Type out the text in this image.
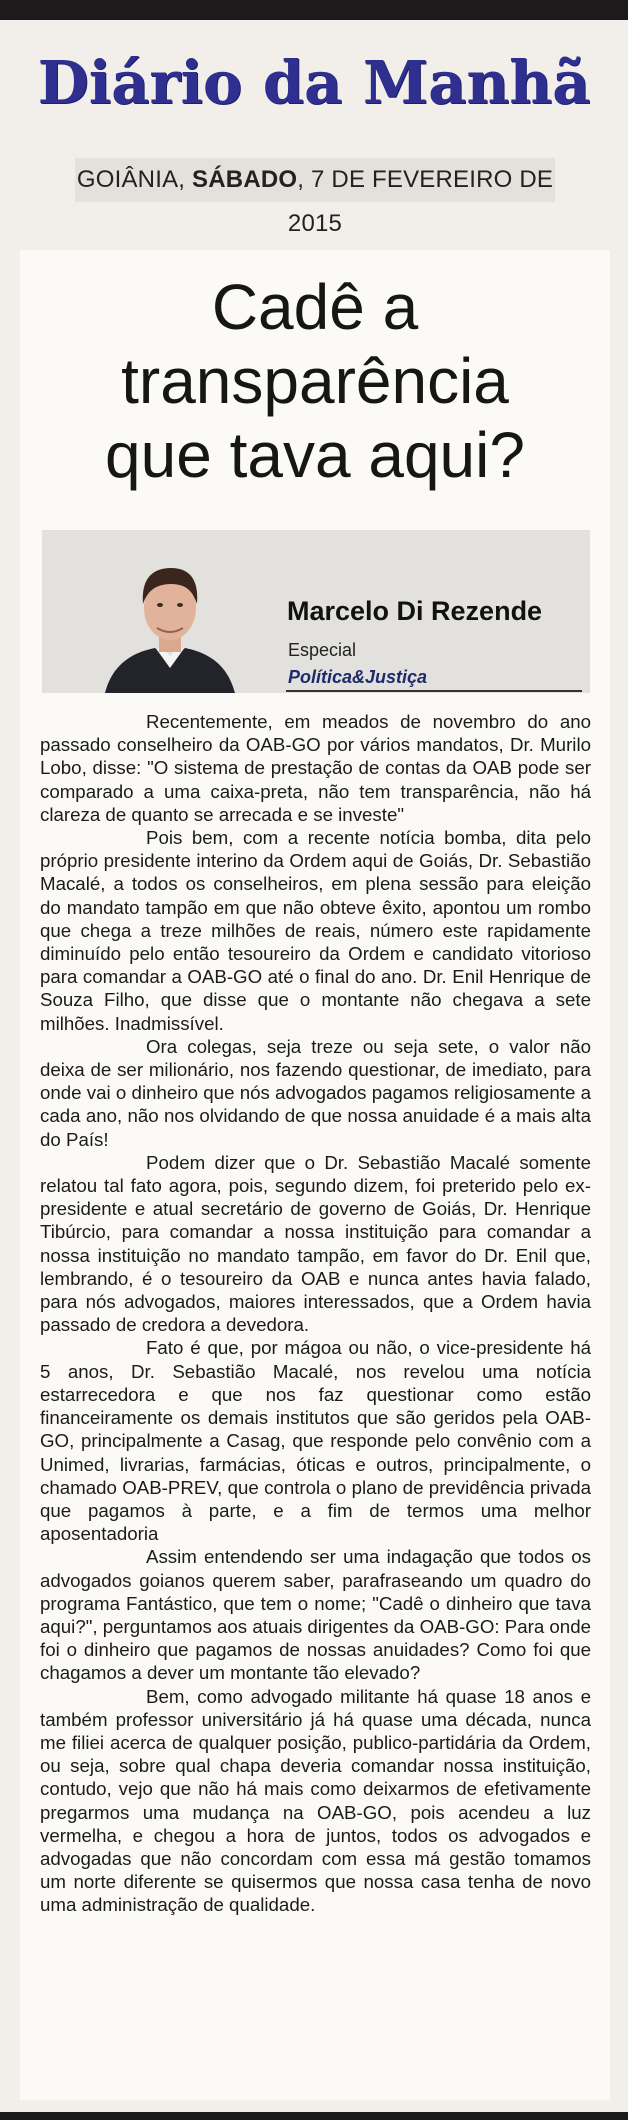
Diário da Manhã
GOIÂNIA, SÁBADO, 7 DE FEVEREIRO DE 2015
Cadê a
transparência
que tava aqui?
Marcelo Di Rezende
Especial
Política&Justiça

Recentemente, em meados de novembro do ano passado conselheiro da OAB-GO por vários mandatos, Dr. Murilo Lobo, disse: "O sistema de prestação de contas da OAB pode ser comparado a uma caixa-preta, não tem transparência, não há clareza de quanto se arrecada e se investe"

Pois bem, com a recente notícia bomba, dita pelo próprio presidente interino da Ordem aqui de Goiás, Dr. Sebastião Macalé, a todos os conselheiros, em plena sessão para eleição do mandato tampão em que não obteve êxito, apontou um rombo que chega a treze milhões de reais, número este rapidamente diminuído pelo então tesoureiro da Ordem e candidato vitorioso para comandar a OAB-GO até o final do ano. Dr. Enil Henrique de Souza Filho, que disse que o montante não chegava a sete milhões. Inadmissível.

Ora colegas, seja treze ou seja sete, o valor não deixa de ser milionário, nos fazendo questionar, de imediato, para onde vai o dinheiro que nós advogados pagamos religiosamente a cada ano, não nos olvidando de que nossa anuidade é a mais alta do País!

Podem dizer que o Dr. Sebastião Macalé somente relatou tal fato agora, pois, segundo dizem, foi preterido pelo ex-presidente e atual secretário de governo de Goiás, Dr. Henrique Tibúrcio, para comandar a nossa instituição para comandar a nossa instituição no mandato tampão, em favor do Dr. Enil que, lembrando, é o tesoureiro da OAB e nunca antes havia falado, para nós advogados, maiores interessados, que a Ordem havia passado de credora a devedora.

Fato é que, por mágoa ou não, o vice-presidente há 5 anos, Dr. Sebastião Macalé, nos revelou uma notícia estarrecedora e que nos faz questionar como estão financeiramente os demais institutos que são geridos pela OAB-GO, principalmente a Casag, que responde pelo convênio com a Unimed, livrarias, farmácias, óticas e outros, principalmente, o chamado OAB-PREV, que controla o plano de previdência privada que pagamos à parte, e a fim de termos uma melhor aposentadoria

Assim entendendo ser uma indagação que todos os advogados goianos querem saber, parafraseando um quadro do programa Fantástico, que tem o nome; "Cadê o dinheiro que tava aqui?", perguntamos aos atuais dirigentes da OAB-GO: Para onde foi o dinheiro que pagamos de nossas anuidades? Como foi que chagamos a dever um montante tão elevado?

Bem, como advogado militante há quase 18 anos e também professor universitário já há quase uma década, nunca me filiei acerca de qualquer posição, publico-partidária da Ordem, ou seja, sobre qual chapa deveria comandar nossa instituição, contudo, vejo que não há mais como deixarmos de efetivamente pregarmos uma mudança na OAB-GO, pois acendeu a luz vermelha, e chegou a hora de juntos, todos os advogados e advogadas que não concordam com essa má gestão tomamos um norte diferente se quisermos que nossa casa tenha de novo uma administração de qualidade.
